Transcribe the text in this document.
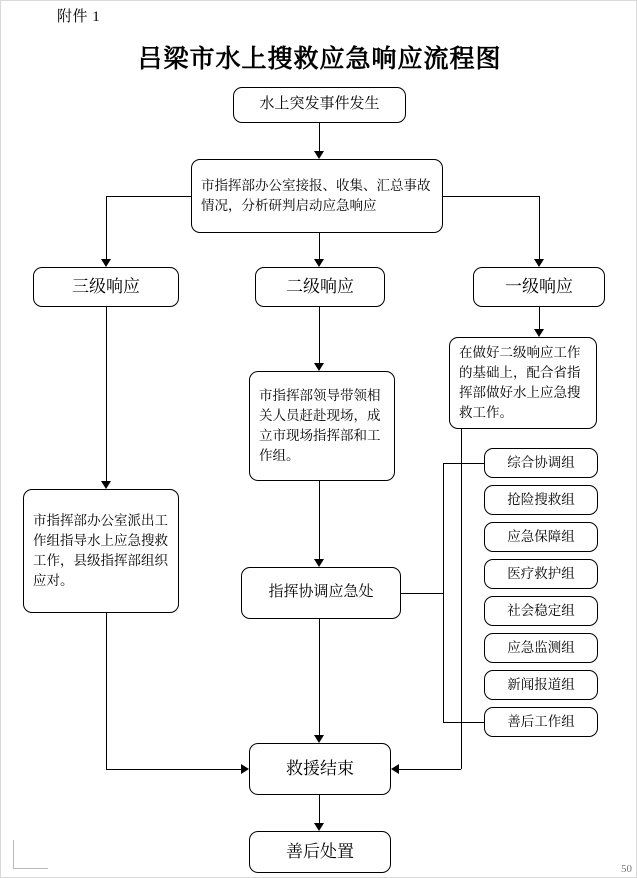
附件 1
吕梁市水上搜救应急响应流程图
水上突发事件发生
市指挥部办公室接报、收集、汇总事故情况，分析研判启动应急响应
三级响应	二级响应	一级响应
在做好二级响应工作的基础上，配合省指挥部做好水上应急搜救工作。
市指挥部办公室派出工作组指导水上应急搜救工作，县级指挥部组织应对。
市指挥部领导带领相关人员赶赴现场，成立市现场指挥部和工作组。
指挥协调应急处
综合协调组
抢险搜救组
应急保障组
医疗救护组
社会稳定组
应急监测组
新闻报道组
善后工作组
救援结束
善后处置
50
